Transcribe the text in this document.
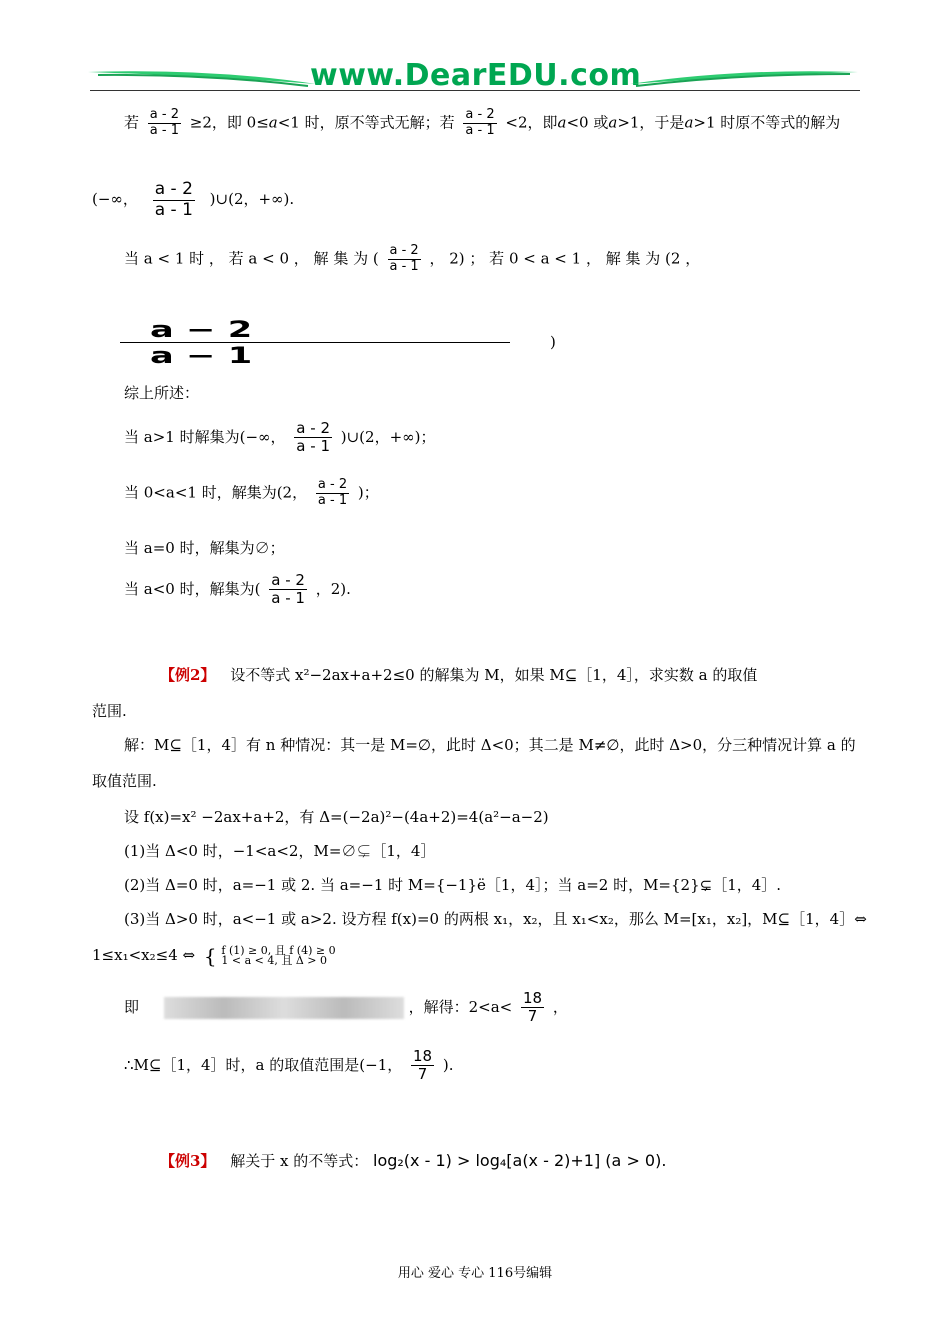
www.DearEDU.com
若 $\frac{a - 2}{a - 1} \ge 2$，即 0≤a<1 时，原不等式无解；若 $\frac{a - 2}{a - 1} <2$，即a<0 或a>1，于是a>1 时原不等式的解为
(−∞， $\frac{a - 2}{a - 1}$ )∪(2，+∞).
当 a < 1 时 ， 若 a < 0 ， 解 集 为 ( $\frac{a - 2}{a - 1}$ ， 2) ； 若 0 < a < 1 ， 解 集 为 (2 ，
a − 2
a − 1
)
综上所述：
当 a>1 时解集为(−∞， $\frac{a - 2}{a - 1}$ )∪(2，+∞)；
当 0<a<1 时，解集为(2， $\frac{a - 2}{a - 1}$ )；
当 a=0 时，解集为∅；
当 a<0 时，解集为( $\frac{a - 2}{a - 1}$ ，2).
【例2】 设不等式 x²−2ax+a+2≤0 的解集为 M，如果 M⊆［1，4］，求实数 a 的取值
范围.
解：M⊆［1，4］有 n 种情况：其一是 M=∅，此时 Δ<0；其二是 M≠∅，此时 Δ>0，分三种情况计算 a 的
取值范围.
设 f(x)=x² −2ax+a+2，有 Δ=(−2a)²−(4a+2)=4(a²−a−2)
(1)当 Δ<0 时，−1<a<2，M=∅⊊［1，4］
(2)当 Δ=0 时，a=−1 或 2. 当 a=−1 时 M={−1}ë［1，4］；当 a=2 时，M={2}⊊［1，4］.
(3)当 Δ>0 时，a<−1 或 a>2. 设方程 f(x)=0 的两根 x₁，x₂，且 x₁<x₂，那么 M=[x₁，x₂]，M⊆［1，4］⇔
1≤x₁<x₂≤4 ⇔ { f (1) ≥ 0, 且 f (4) ≥ 0
1 < a < 4, 且 Δ > 0
即	，解得：$2<a< \frac{18}{7}$ ，
∴M⊆［1，4］时，a 的取值范围是(−1， $\frac{18}{7}$ ).
【例3】 解关于 x 的不等式： log₂(x - 1) > log₄[a(x - 2)+1] (a > 0).
用心 爱心 专心 116号编辑
